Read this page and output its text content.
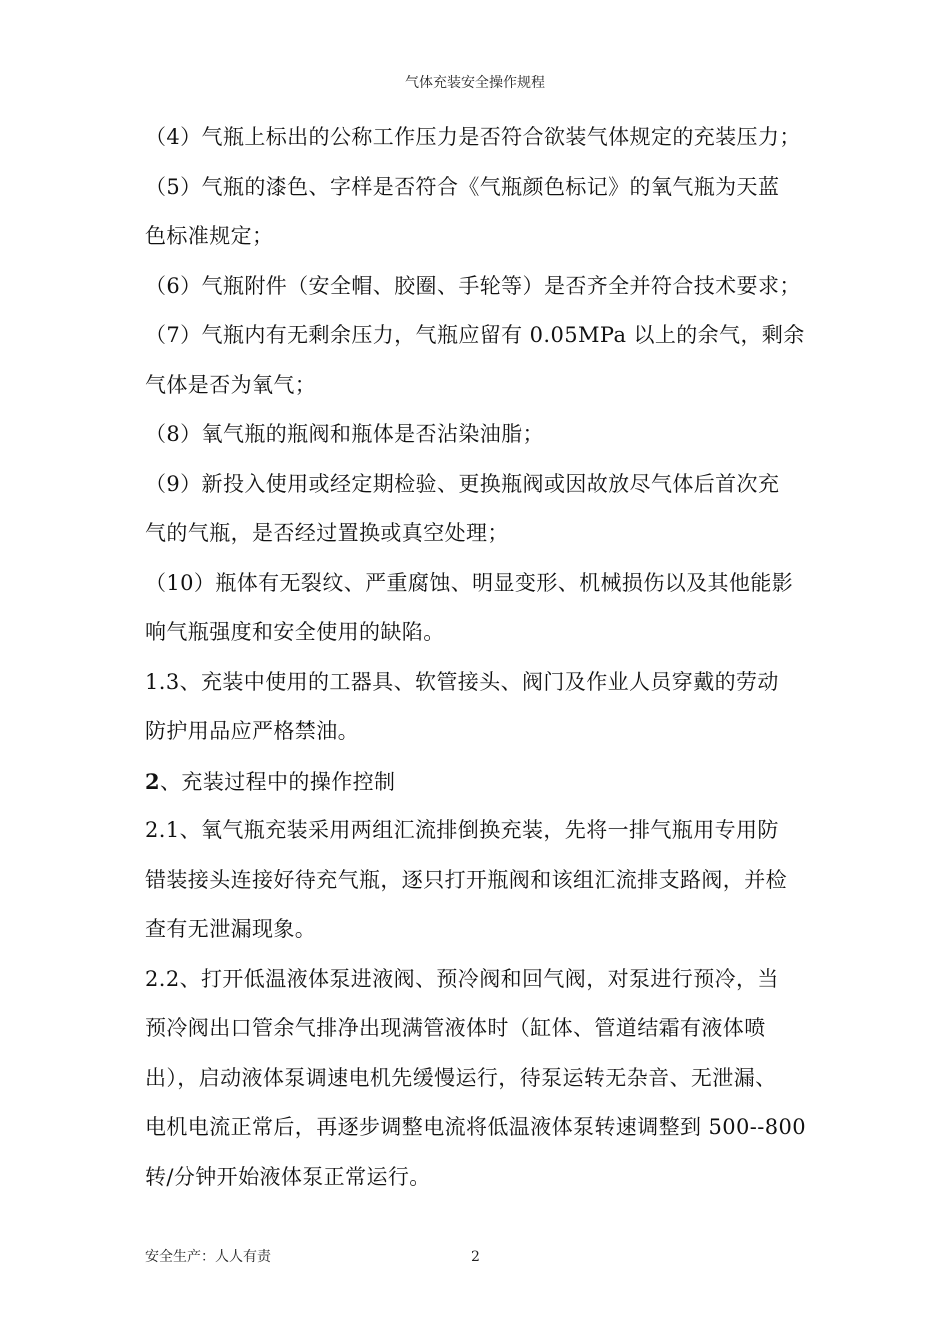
气体充装安全操作规程

（4）气瓶上标出的公称工作压力是否符合欲装气体规定的充装压力；

（5）气瓶的漆色、字样是否符合《气瓶颜色标记》的氧气瓶为天蓝
色标准规定；

（6）气瓶附件（安全帽、胶圈、手轮等）是否齐全并符合技术要求；

（7）气瓶内有无剩余压力，气瓶应留有 0.05MPa 以上的余气，剩余
气体是否为氧气；

（8）氧气瓶的瓶阀和瓶体是否沾染油脂；

（9）新投入使用或经定期检验、更换瓶阀或因故放尽气体后首次充
气的气瓶，是否经过置换或真空处理；

（10）瓶体有无裂纹、严重腐蚀、明显变形、机械损伤以及其他能影
响气瓶强度和安全使用的缺陷。

1.3、充装中使用的工器具、软管接头、阀门及作业人员穿戴的劳动
防护用品应严格禁油。

2、充装过程中的操作控制

2.1、氧气瓶充装采用两组汇流排倒换充装，先将一排气瓶用专用防
错装接头连接好待充气瓶，逐只打开瓶阀和该组汇流排支路阀，并检
查有无泄漏现象。

2.2、打开低温液体泵进液阀、预冷阀和回气阀，对泵进行预冷，当
预冷阀出口管余气排净出现满管液体时（缸体、管道结霜有液体喷
出），启动液体泵调速电机先缓慢运行，待泵运转无杂音、无泄漏、
电机电流正常后，再逐步调整电流将低温液体泵转速调整到 500--800
转/分钟开始液体泵正常运行。

安全生产：人人有责	2
